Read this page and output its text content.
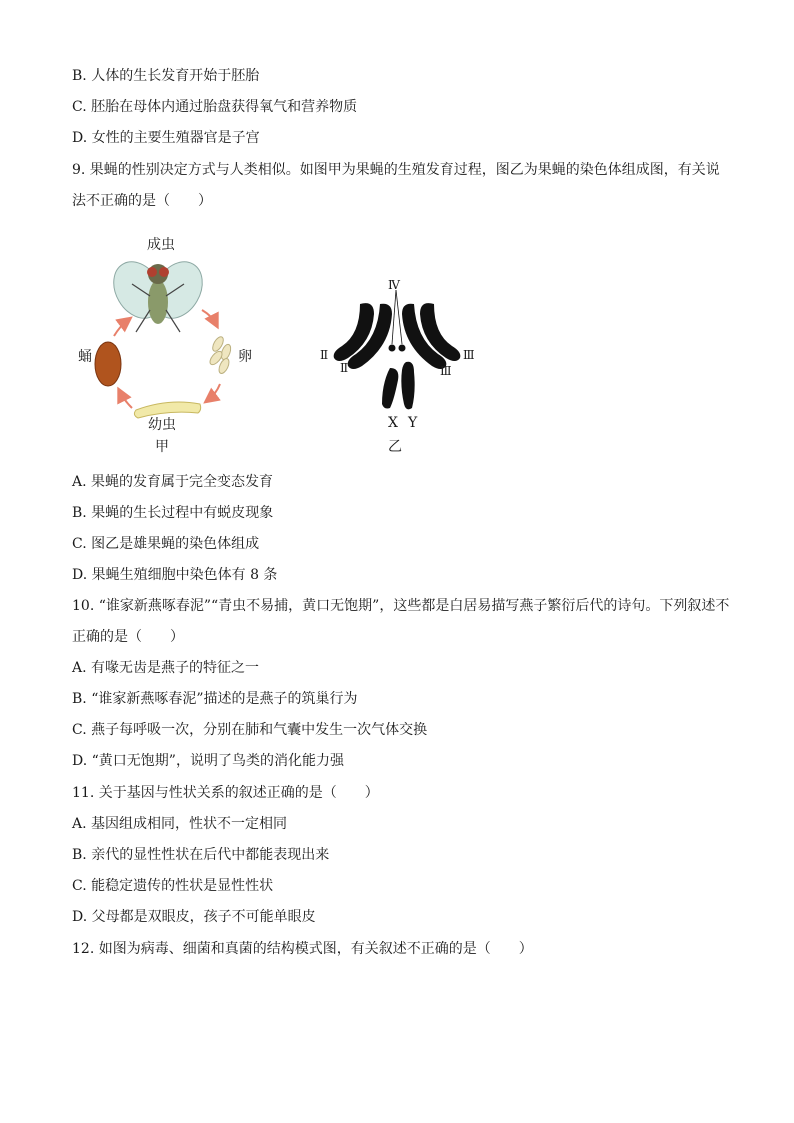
B. 人体的生长发育开始于胚胎
C. 胚胎在母体内通过胎盘获得氧气和营养物质
D. 女性的主要生殖器官是子宫
9. 果蝇的性别决定方式与人类相似。如图甲为果蝇的生殖发育过程，图乙为果蝇的染色体组成图，有关说
法不正确的是（　　）
成虫
卵
蛹
幼虫
甲
Ⅳ
Ⅱ
Ⅱ
Ⅲ
Ⅲ
X Y
乙
A. 果蝇的发育属于完全变态发育
B. 果蝇的生长过程中有蜕皮现象
C. 图乙是雄果蝇的染色体组成
D. 果蝇生殖细胞中染色体有 8 条
10. “谁家新燕啄春泥”“青虫不易捕，黄口无饱期”，这些都是白居易描写燕子繁衍后代的诗句。下列叙述不
正确的是（　　）
A. 有喙无齿是燕子的特征之一
B. “谁家新燕啄春泥”描述的是燕子的筑巢行为
C. 燕子每呼吸一次，分别在肺和气囊中发生一次气体交换
D. “黄口无饱期”，说明了鸟类的消化能力强
11. 关于基因与性状关系的叙述正确的是（　　）
A. 基因组成相同，性状不一定相同
B. 亲代的显性性状在后代中都能表现出来
C. 能稳定遗传的性状是显性性状
D. 父母都是双眼皮，孩子不可能单眼皮
12. 如图为病毒、细菌和真菌的结构模式图，有关叙述不正确的是（　　）
